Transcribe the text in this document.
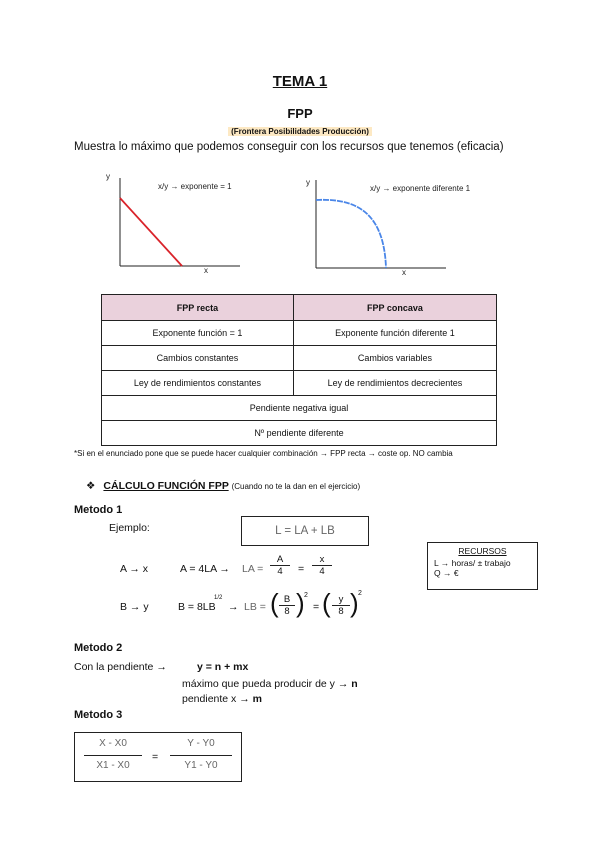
TEMA 1
FPP
(Frontera Posibilidades Producción)
Muestra lo máximo que podemos conseguir con los recursos que tenemos (eficacia)
y
x
x/y → exponente = 1	y
x
x/y → exponente diferente 1
FPP recta	FPP concava
Exponente función = 1	Exponente función diferente 1
Cambios constantes	Cambios variables
Ley de rendimientos constantes	Ley de rendimientos decrecientes
Pendiente negativa igual	
Nº pendiente diferente	
*Si en el enunciado pone que se puede hacer cualquier combinación → FPP recta → coste op. NO cambia
❖ CÁLCULO FUNCIÓN FPP (Cuando no te la dan en el ejercicio)
Metodo 1
Ejemplo:	L = LA + LB
RECURSOS
L → horas/ ± trabajo
Q → €
A → x	A = 4LA → LA = $\frac{A}{4} = \frac{x}{4}$
B → y	B = 8LB
1/2
→ LB = ( $\frac{B}{8}$ ) 2
= ( $\frac{y}{8}$ ) 2
Metodo 2
Con la pendiente →	y = n + mx
máximo que pueda producir de y → n
pendiente x → m
Metodo 3
$\frac{X - X0}{X1 - X0} = \frac{Y - Y0}{Y1 - Y0}$
